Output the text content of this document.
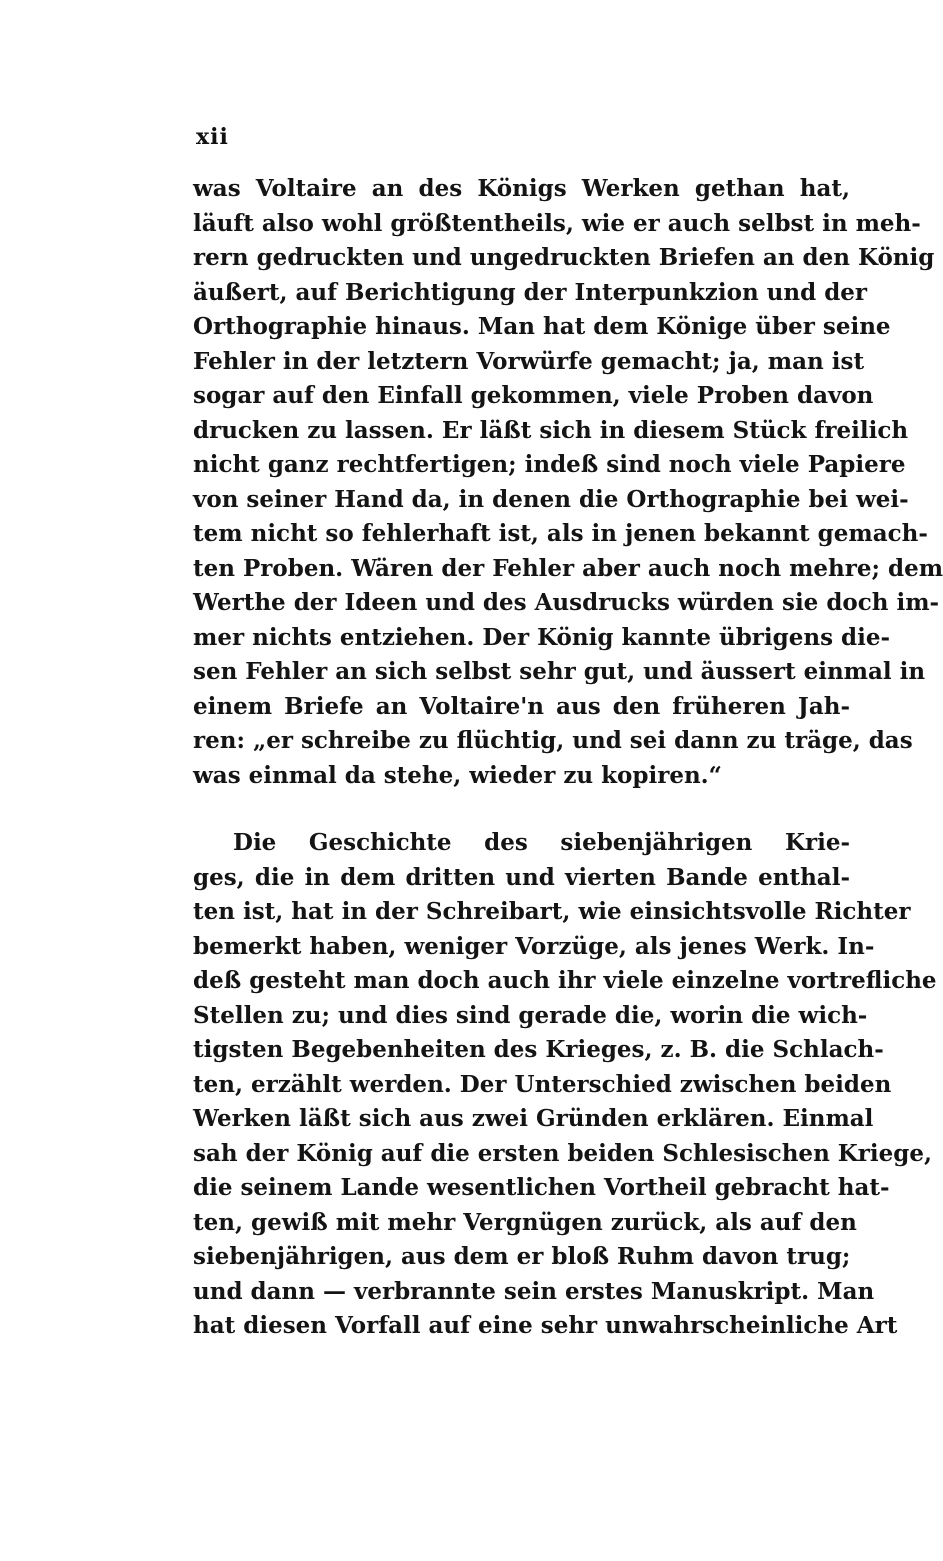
xii
was Voltaire an des Königs Werken gethan hat,
läuft also wohl größtentheils, wie er auch selbst in meh-
rern gedruckten und ungedruckten Briefen an den König
äußert, auf Berichtigung der Interpunkzion und der
Orthographie hinaus. Man hat dem Könige über seine
Fehler in der letztern Vorwürfe gemacht; ja, man ist
sogar auf den Einfall gekommen, viele Proben davon
drucken zu lassen. Er läßt sich in diesem Stück freilich
nicht ganz rechtfertigen; indeß sind noch viele Papiere
von seiner Hand da, in denen die Orthographie bei wei-
tem nicht so fehlerhaft ist, als in jenen bekannt gemach-
ten Proben. Wären der Fehler aber auch noch mehre; dem
Werthe der Ideen und des Ausdrucks würden sie doch im-
mer nichts entziehen. Der König kannte übrigens die-
sen Fehler an sich selbst sehr gut, und äussert einmal in
einem Briefe an Voltaire'n aus den früheren Jah-
ren: „er schreibe zu flüchtig, und sei dann zu träge, das
was einmal da stehe, wieder zu kopiren.“
Die Geschichte des siebenjährigen Krie-
ges, die in dem dritten und vierten Bande enthal-
ten ist, hat in der Schreibart, wie einsichtsvolle Richter
bemerkt haben, weniger Vorzüge, als jenes Werk. In-
deß gesteht man doch auch ihr viele einzelne vortrefliche
Stellen zu; und dies sind gerade die, worin die wich-
tigsten Begebenheiten des Krieges, z. B. die Schlach-
ten, erzählt werden. Der Unterschied zwischen beiden
Werken läßt sich aus zwei Gründen erklären. Einmal
sah der König auf die ersten beiden Schlesischen Kriege,
die seinem Lande wesentlichen Vortheil gebracht hat-
ten, gewiß mit mehr Vergnügen zurück, als auf den
siebenjährigen, aus dem er bloß Ruhm davon trug;
und dann — verbrannte sein erstes Manuskript. Man
hat diesen Vorfall auf eine sehr unwahrscheinliche Art
